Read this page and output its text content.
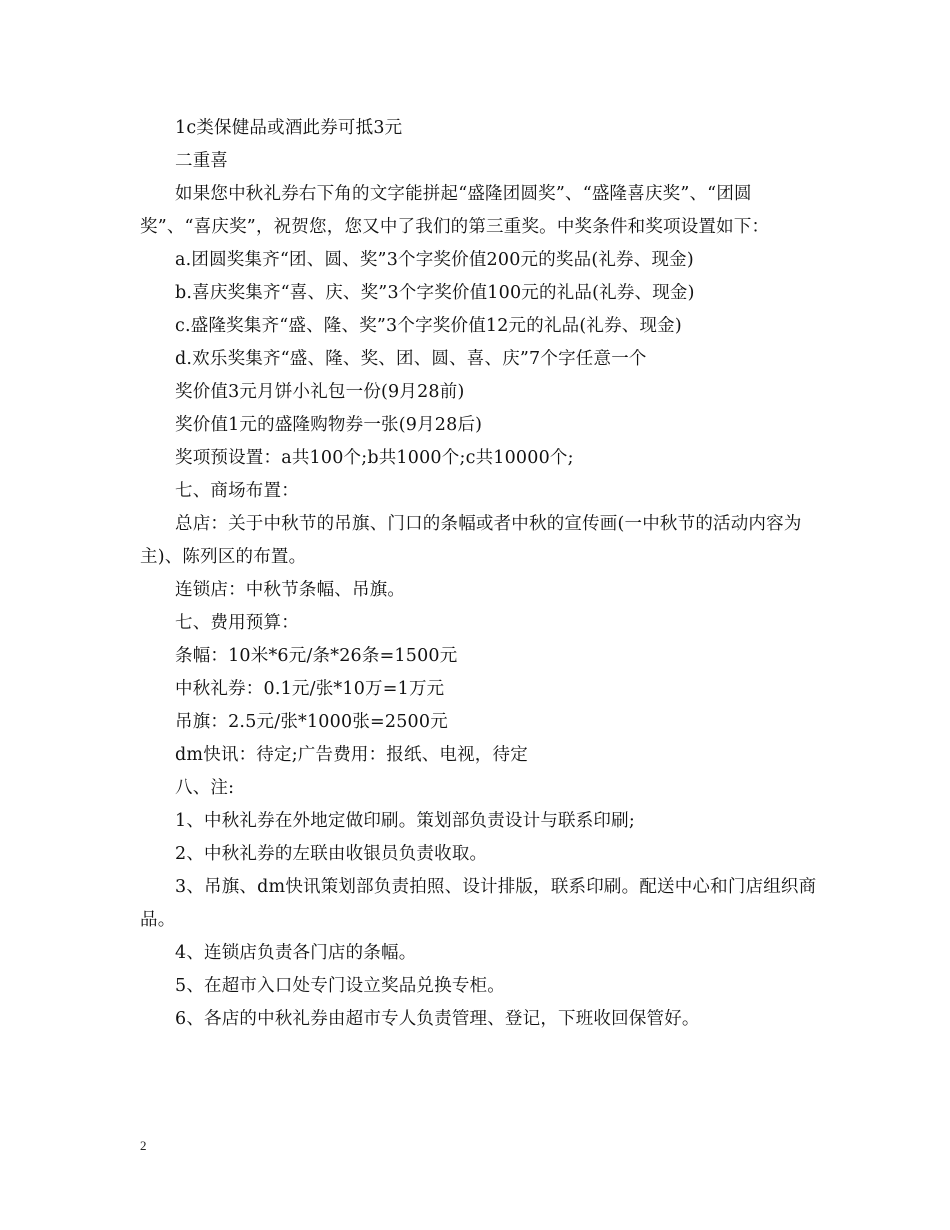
1c类保健品或酒此券可抵3元

二重喜

如果您中秋礼券右下角的文字能拼起“盛隆团圆奖”、“盛隆喜庆奖”、“团圆奖”、“喜庆奖”，祝贺您，您又中了我们的第三重奖。中奖条件和奖项设置如下：

a.团圆奖集齐“团、圆、奖”3个字奖价值200元的奖品(礼券、现金)

b.喜庆奖集齐“喜、庆、奖”3个字奖价值100元的礼品(礼券、现金)

c.盛隆奖集齐“盛、隆、奖”3个字奖价值12元的礼品(礼券、现金)

d.欢乐奖集齐“盛、隆、奖、团、圆、喜、庆”7个字任意一个

奖价值3元月饼小礼包一份(9月28前)

奖价值1元的盛隆购物券一张(9月28后)

奖项预设置：a共100个;b共1000个;c共10000个;

七、商场布置：

总店：关于中秋节的吊旗、门口的条幅或者中秋的宣传画(一中秋节的活动内容为主)、陈列区的布置。

连锁店：中秋节条幅、吊旗。

七、费用预算：

条幅：10米*6元/条*26条=1500元

中秋礼券：0.1元/张*10万=1万元

吊旗：2.5元/张*1000张=2500元

dm快讯：待定;广告费用：报纸、电视，待定

八、注:

1、中秋礼券在外地定做印刷。策划部负责设计与联系印刷;

2、中秋礼券的左联由收银员负责收取。

3、吊旗、dm快讯策划部负责拍照、设计排版，联系印刷。配送中心和门店组织商品。

4、连锁店负责各门店的条幅。

5、在超市入口处专门设立奖品兑换专柜。

6、各店的中秋礼券由超市专人负责管理、登记，下班收回保管好。

2
